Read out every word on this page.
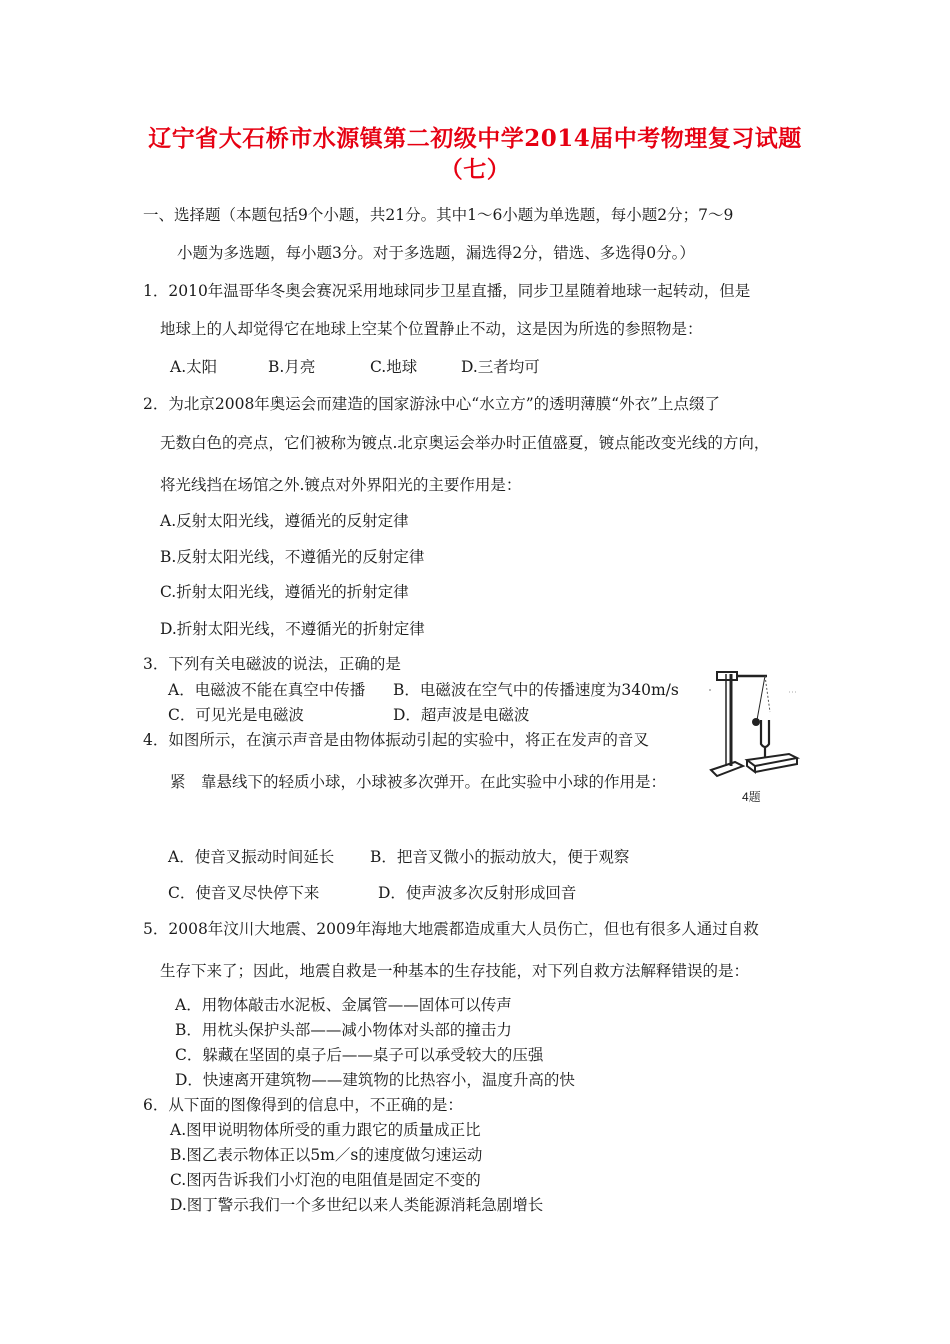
辽宁省大石桥市水源镇第二初级中学2014届中考物理复习试题
（七）
一、选择题（本题包括9个小题，共21分。其中1～6小题为单选题，每小题2分；7～9
小题为多选题，每小题3分。对于多选题，漏选得2分，错选、多选得0分。）
1．2010年温哥华冬奥会赛况采用地球同步卫星直播，同步卫星随着地球一起转动，但是
地球上的人却觉得它在地球上空某个位置静止不动，这是因为所选的参照物是：
A.太阳	B.月亮	C.地球	D.三者均可
2．为北京2008年奥运会而建造的国家游泳中心“水立方”的透明薄膜“外衣”上点缀了
无数白色的亮点，它们被称为镀点.北京奥运会举办时正值盛夏，镀点能改变光线的方向，
将光线挡在场馆之外.镀点对外界阳光的主要作用是：
A.反射太阳光线，遵循光的反射定律
B.反射太阳光线，不遵循光的反射定律
C.折射太阳光线，遵循光的折射定律
D.折射太阳光线，不遵循光的折射定律
3．下列有关电磁波的说法，正确的是
A．电磁波不能在真空中传播 B．电磁波在空气中的传播速度为340m/s
C．可见光是电磁波	D．超声波是电磁波
4．如图所示，在演示声音是由物体振动引起的实验中，将正在发声的音叉
紧　靠悬线下的轻质小球，小球被多次弹开。在此实验中小球的作用是：
4题
A．使音叉振动时间延长 B．把音叉微小的振动放大，便于观察
C．使音叉尽快停下来	D．使声波多次反射形成回音
5．2008年汶川大地震、2009年海地大地震都造成重大人员伤亡，但也有很多人通过自救
生存下来了；因此，地震自救是一种基本的生存技能，对下列自救方法解释错误的是：
A．用物体敲击水泥板、金属管——固体可以传声
B．用枕头保护头部——减小物体对头部的撞击力
C．躲藏在坚固的桌子后——桌子可以承受较大的压强
D．快速离开建筑物——建筑物的比热容小，温度升高的快
6．从下面的图像得到的信息中，不正确的是：
A.图甲说明物体所受的重力跟它的质量成正比
B.图乙表示物体正以5m／s的速度做匀速运动
C.图丙告诉我们小灯泡的电阻值是固定不变的
D.图丁警示我们一个多世纪以来人类能源消耗急剧增长
